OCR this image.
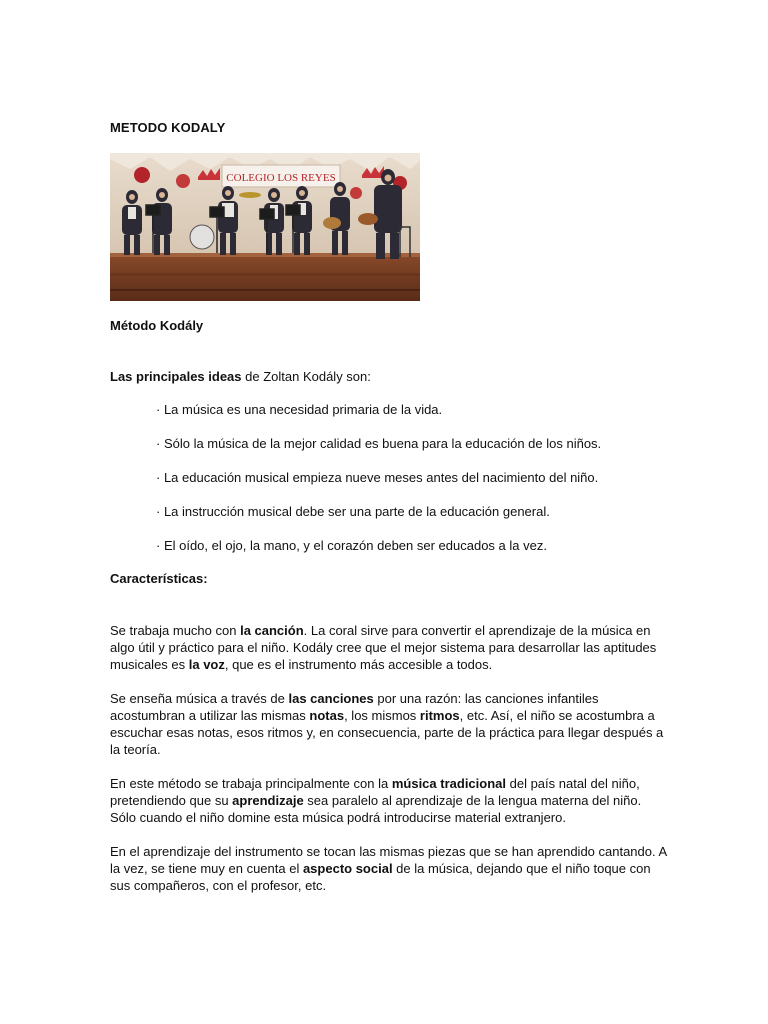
METODO KODALY
COLEGIO LOS REYES
Método Kodály
Las principales ideas de Zoltan Kodály son:
· La música es una necesidad primaria de la vida.
· Sólo la música de la mejor calidad es buena para la educación de los niños.
· La educación musical empieza nueve meses antes del nacimiento del niño.
· La instrucción musical debe ser una parte de la educación general.
· El oído, el ojo, la mano, y el corazón deben ser educados a la vez.
Características:

Se trabaja mucho con la canción. La coral sirve para convertir el aprendizaje de la música en algo útil y práctico para el niño. Kodály cree que el mejor sistema para desarrollar las aptitudes musicales es la voz, que es el instrumento más accesible a todos.

Se enseña música a través de las canciones por una razón: las canciones infantiles acostumbran a utilizar las mismas notas, los mismos ritmos, etc. Así, el niño se acostumbra a escuchar esas notas, esos ritmos y, en consecuencia, parte de la práctica para llegar después a la teoría.

En este método se trabaja principalmente con la música tradicional del país natal del niño, pretendiendo que su aprendizaje sea paralelo al aprendizaje de la lengua materna del niño. Sólo cuando el niño domine esta música podrá introducirse material extranjero.

En el aprendizaje del instrumento se tocan las mismas piezas que se han aprendido cantando. A la vez, se tiene muy en cuenta el aspecto social de la música, dejando que el niño toque con sus compañeros, con el profesor, etc.
